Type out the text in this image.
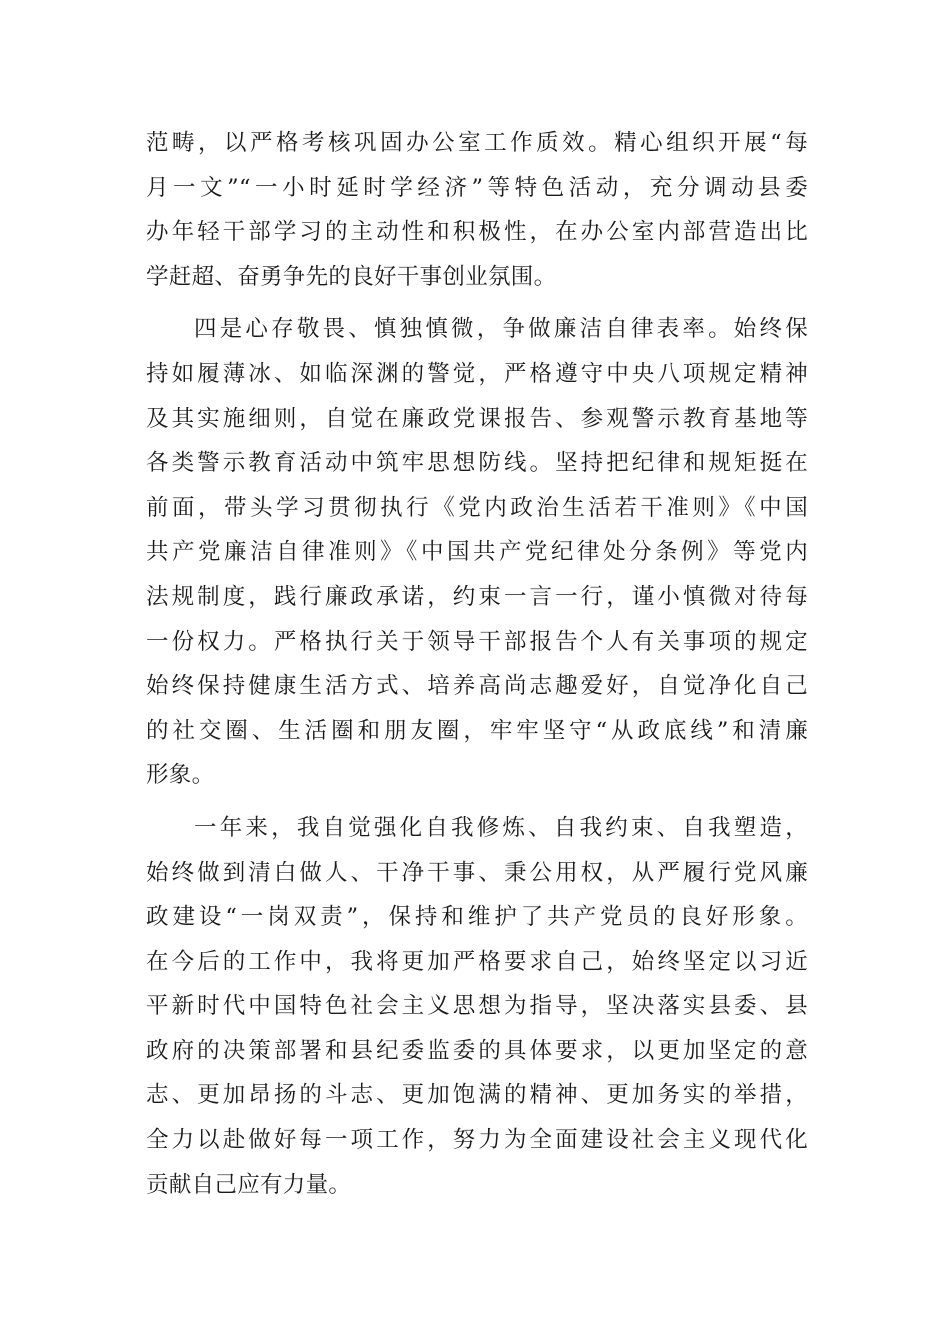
范畴，以严格考核巩固办公室工作质效。精心组织开展“每
月一文”“一小时延时学经济”等特色活动，充分调动县委
办年轻干部学习的主动性和积极性，在办公室内部营造出比
学赶超、奋勇争先的良好干事创业氛围。
四是心存敬畏、慎独慎微，争做廉洁自律表率。始终保
持如履薄冰、如临深渊的警觉，严格遵守中央八项规定精神
及其实施细则，自觉在廉政党课报告、参观警示教育基地等
各类警示教育活动中筑牢思想防线。坚持把纪律和规矩挺在
前面，带头学习贯彻执行《党内政治生活若干准则》《中国
共产党廉洁自律准则》《中国共产党纪律处分条例》等党内
法规制度，践行廉政承诺，约束一言一行，谨小慎微对待每
一份权力。严格执行关于领导干部报告个人有关事项的规定
始终保持健康生活方式、培养高尚志趣爱好，自觉净化自己
的社交圈、生活圈和朋友圈，牢牢坚守“从政底线”和清廉
形象。
一年来，我自觉强化自我修炼、自我约束、自我塑造，
始终做到清白做人、干净干事、秉公用权，从严履行党风廉
政建设“一岗双责”，保持和维护了共产党员的良好形象。
在今后的工作中，我将更加严格要求自己，始终坚定以习近
平新时代中国特色社会主义思想为指导，坚决落实县委、县
政府的决策部署和县纪委监委的具体要求，以更加坚定的意
志、更加昂扬的斗志、更加饱满的精神、更加务实的举措，
全力以赴做好每一项工作，努力为全面建设社会主义现代化
贡献自己应有力量。
